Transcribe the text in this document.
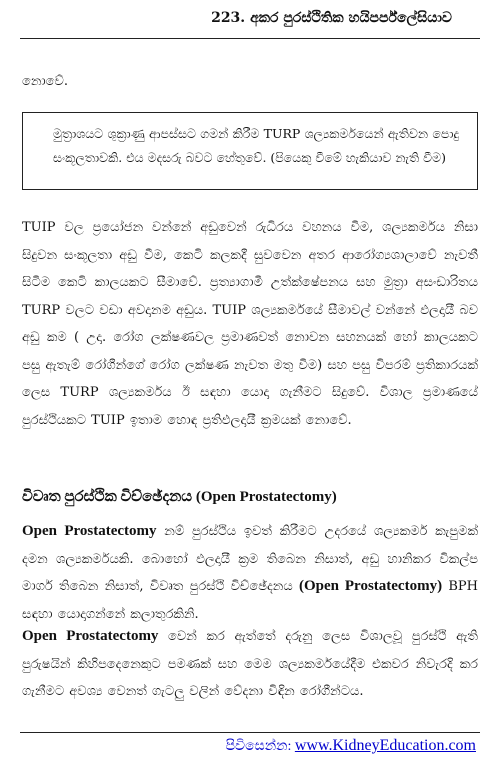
223. අකර පුරස්ථිතික හයිපර්ප්ලේසියාව
නොවේ.
මුත්‍රාශයට ශුක්‍රාණු ආපස්සට ගමන් කිරීම TURP ශල්‍යකර්මයෙන් ඇතිවන පොදු සංකූලතාවකි. එය මදසරු බවට හේතුවේ. (පියෙකු වීමේ හැකියාව නැති වීම)
TUIP වල ප්‍රයෝජන වන්නේ අඩුවෙන් රුධිරය වහනය වීම, ශල්‍යකර්මය නිසා සිදුවන සංකූලතා අඩු වීම, කෙටි කලකදී සුවවෙන අතර ආරෝග්‍යශාලාවේ නැවතී සිටීම කෙටි කාලයකට සීමාවේ. ප්‍රත්‍යාගාමී උත්ක්ෂේපනය සහ මුත්‍රා අසංඩාරිතය TURP වලට වඩා අවදානම අඩුය. TUIP ශල්‍යකර්මයේ සීමාවල් වන්නේ ඵලදායී බව අඩු කම ( උදා. රෝග ලක්ෂණවල ප්‍රමාණවත් නොවන සහනයක් හෝ කාලයකට පසු ඇතැම් රෝගීන්ගේ රෝග ලක්ෂණ නැවත මතු වීම) සහ පසු විපරම් ප්‍රතිකාරයක් ලෙස TURP ශල්‍යකර්මය ඊ සඳහා යොදා ගැනීමට සිදුවේ. විශාල ප්‍රමාණයේ පුරස්ථියකට TUIP ඉතාම හොඳ ප්‍රතිඵලදායී ක්‍රමයක් නොවේ.
විවෘත පුරස්ථික විච්ඡේදනය (Open Prostatectomy)
Open Prostatectomy නම් පුරස්ථිය ඉවත් කිරීමට උදරයේ ශල්‍යකර්ම කැපුමක් දමන ශල්‍යකර්මයකි. බොහෝ ඵලදායී ක්‍රම තිබෙන නිසාත්, අඩු හානිකර විකල්ප මාර්ග තිබෙන නිසාත්, විවෘත පුරස්ථි විච්ඡේදනය (Open Prostatectomy) BPH සඳහා යොදාගන්නේ කලාතුරකිනි.
Open Prostatectomy වෙන් කර ඇත්තේ දරුනු ලෙස විශාලවූ පුරස්ථි ඇති පුරුෂයින් කිහිපදෙනෙකුට පමණක් සහ මෙම ශල්‍යකර්මයේදීම එකවර නිවැරදි කර ගැනීමට අවශ්‍ය වෙනත් ගැටලු වලින් වේදනා විඳින රෝගීන්ටය.
පිවිසෙන්න: www.KidneyEducation.com
